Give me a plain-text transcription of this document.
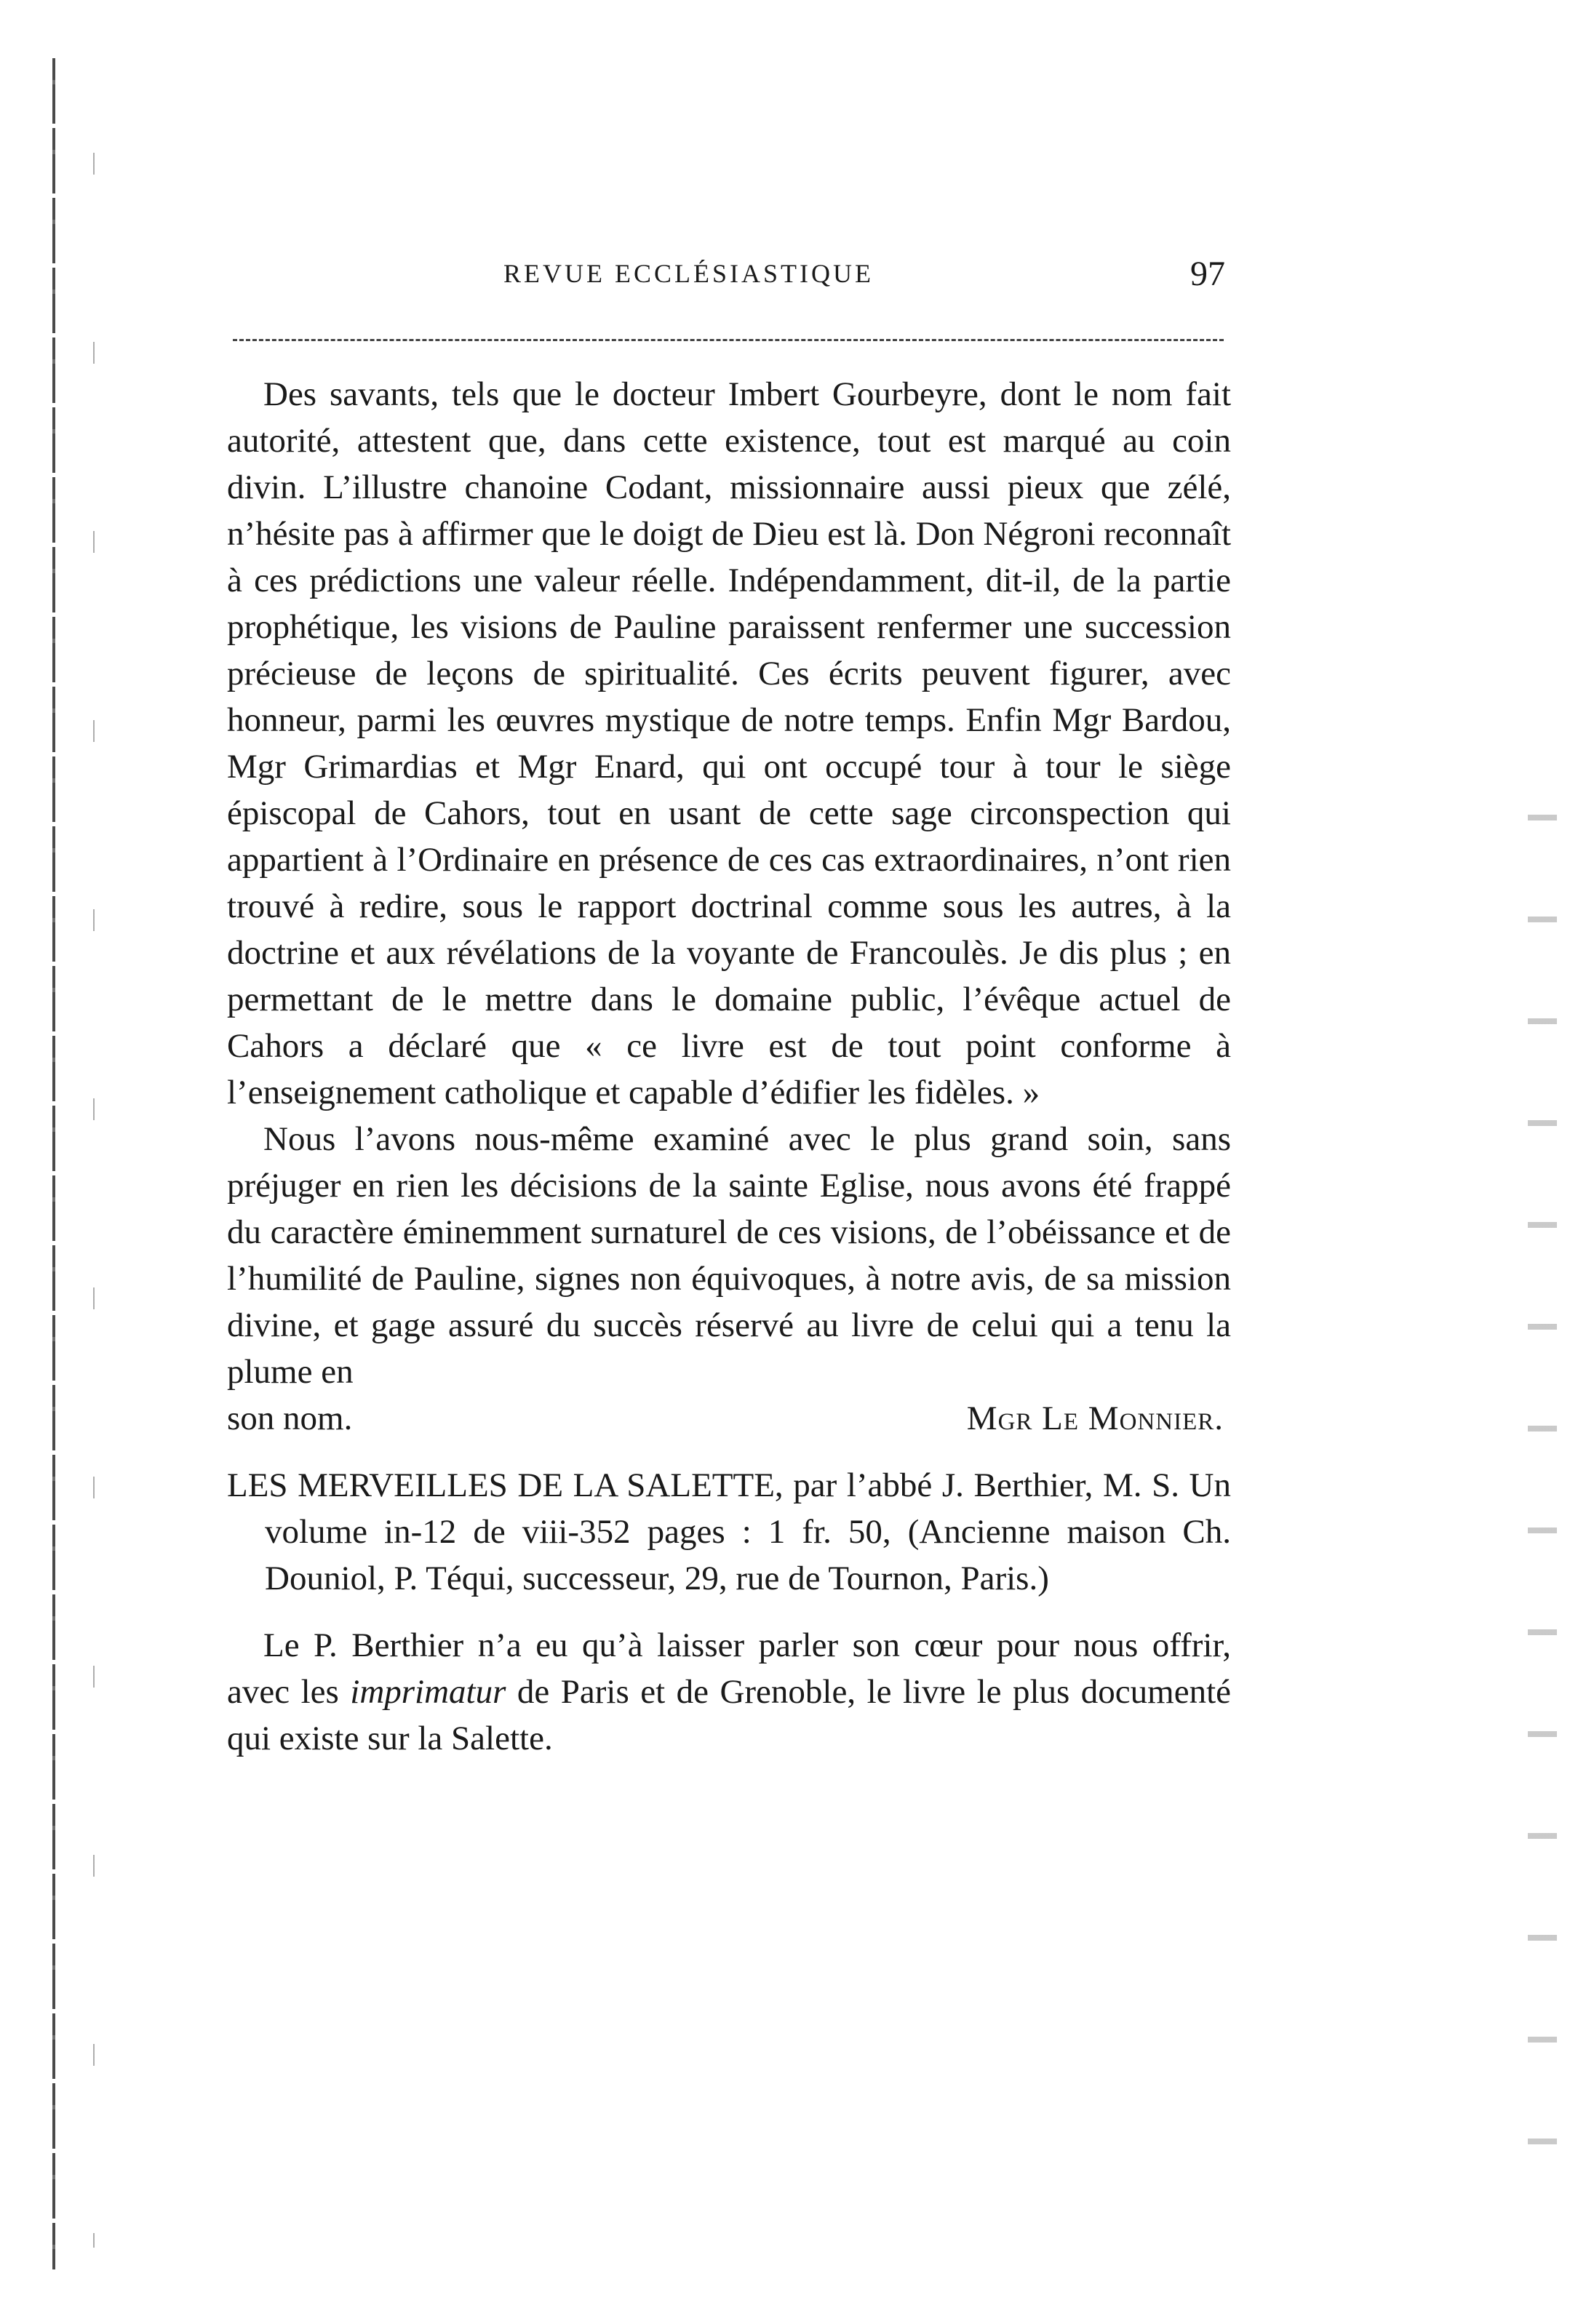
REVUE ECCLÉSIASTIQUE	97

Des savants, tels que le docteur Imbert Gourbeyre, dont le nom fait autorité, attestent que, dans cette existence, tout est marqué au coin divin. L’illustre chanoine Codant, missionnaire aussi pieux que zélé, n’hésite pas à affirmer que le doigt de Dieu est là. Don Négroni reconnaît à ces prédictions une valeur réelle. Indépendamment, dit-il, de la partie prophétique, les visions de Pauline paraissent renfermer une succession précieuse de leçons de spiritualité. Ces écrits peuvent figurer, avec honneur, parmi les œuvres mystique de notre temps. Enfin Mgr Bardou, Mgr Grimardias et Mgr Enard, qui ont occupé tour à tour le siège épiscopal de Cahors, tout en usant de cette sage circonspection qui appartient à l’Ordinaire en présence de ces cas extraordinaires, n’ont rien trouvé à redire, sous le rapport doctrinal comme sous les autres, à la doctrine et aux révélations de la voyante de Francoulès. Je dis plus ; en permettant de le mettre dans le domaine public, l’évêque actuel de Cahors a déclaré que « ce livre est de tout point conforme à l’enseignement catholique et capable d’édifier les fidèles. »

Nous l’avons nous-même examiné avec le plus grand soin, sans préjuger en rien les décisions de la sainte Eglise, nous avons été frappé du caractère éminemment surnaturel de ces visions, de l’obéissance et de l’humilité de Pauline, signes non équivoques, à notre avis, de sa mission divine, et gage assuré du succès réservé au livre de celui qui a tenu la plume en

son nom.	Mgr Le Monnier.

LES MERVEILLES DE LA SALETTE, par l’abbé J. Berthier, M. S. Un volume in-12 de viii-352 pages : 1 fr. 50, (Ancienne maison Ch. Douniol, P. Téqui, successeur, 29, rue de Tournon, Paris.)

Le P. Berthier n’a eu qu’à laisser parler son cœur pour nous offrir, avec les imprimatur de Paris et de Grenoble, le livre le plus documenté qui existe sur la Salette.
